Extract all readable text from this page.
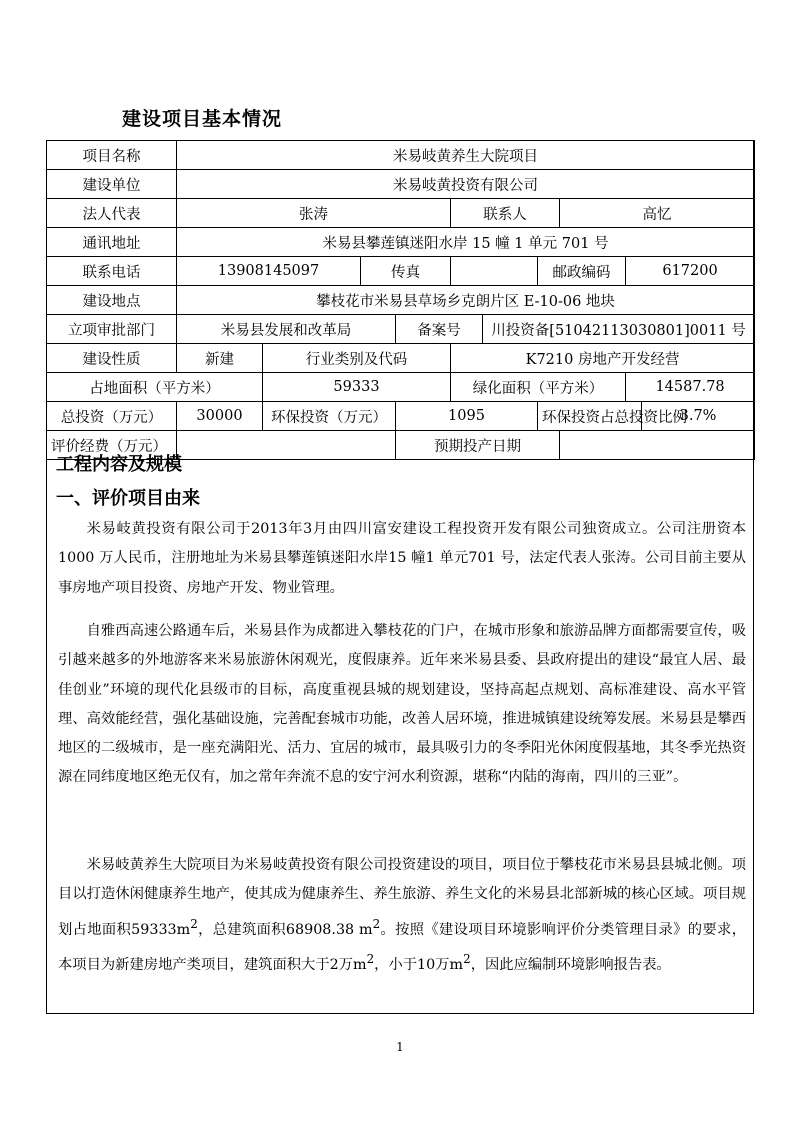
建设项目基本情况
项目名称	米易岐黄养生大院项目									
建设单位	米易岐黄投资有限公司									
法人代表	张涛				联系人			高忆		
通讯地址	米易县攀莲镇迷阳水岸 15 幢 1 单元 701 号									
联系电话	13908145097		传真				邮政编码		617200	
建设地点	攀枝花市米易县草场乡克朗片区 E-10-06 地块									
立项审批部门	米易县发展和改革局			备案号		川投资备[51042113030801]0011 号				
建设性质	新建	行业类别及代码			K7210 房地产开发经营					
占地面积（平方米）		59333			绿化面积（平方米）				14587.78	
总投资（万元）	30000	环保投资（万元）		1095			环保投资占总投资比例			3.7%
评价经费（万元）				预期投产日期						
工程内容及规模
一、评价项目由来

米易岐黄投资有限公司于2013年3月由四川富安建设工程投资开发有限公司独资成立。公司注册资本1000 万人民币，注册地址为米易县攀莲镇迷阳水岸15 幢1 单元701 号，法定代表人张涛。公司目前主要从事房地产项目投资、房地产开发、物业管理。

自雅西高速公路通车后，米易县作为成都进入攀枝花的门户，在城市形象和旅游品牌方面都需要宣传，吸引越来越多的外地游客来米易旅游休闲观光，度假康养。近年来米易县委、县政府提出的建设“最宜人居、最佳创业”环境的现代化县级市的目标，高度重视县城的规划建设，坚持高起点规划、高标准建设、高水平管理、高效能经营，强化基础设施，完善配套城市功能，改善人居环境，推进城镇建设统筹发展。米易县是攀西地区的二级城市，是一座充满阳光、活力、宜居的城市，最具吸引力的冬季阳光休闲度假基地，其冬季光热资源在同纬度地区绝无仅有，加之常年奔流不息的安宁河水利资源，堪称“内陆的海南，四川的三亚”。

米易岐黄养生大院项目为米易岐黄投资有限公司投资建设的项目，项目位于攀枝花市米易县县城北侧。项目以打造休闲健康养生地产，使其成为健康养生、养生旅游、养生文化的米易县北部新城的核心区域。项目规划占地面积$59333m^2$，总建筑面积68908.38 $m^2$。按照《建设项目环境影响评价分类管理目录》的要求，本项目为新建房地产类项目，建筑面积大于2万$m^2$，小于10万$m^2$，因此应编制环境影响报告表。

1
